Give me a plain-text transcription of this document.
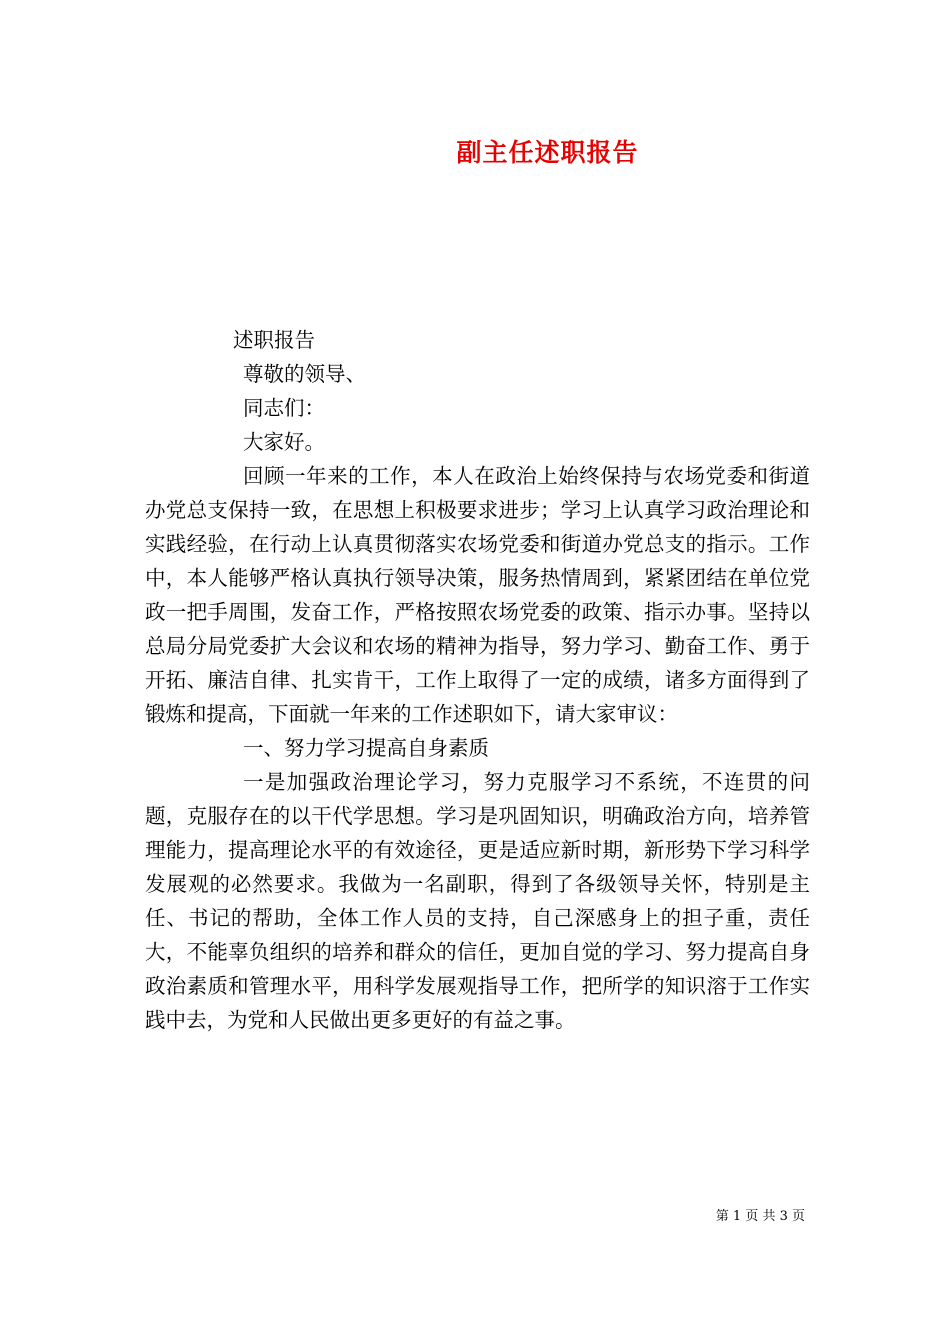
副主任述职报告

述职报告

尊敬的领导、

同志们：

大家好。

回顾一年来的工作，本人在政治上始终保持与农场党委和街道办党总支保持一致，在思想上积极要求进步；学习上认真学习政治理论和实践经验，在行动上认真贯彻落实农场党委和街道办党总支的指示。工作中，本人能够严格认真执行领导决策，服务热情周到，紧紧团结在单位党政一把手周围，发奋工作，严格按照农场党委的政策、指示办事。坚持以总局分局党委扩大会议和农场的精神为指导，努力学习、勤奋工作、勇于开拓、廉洁自律、扎实肯干，工作上取得了一定的成绩，诸多方面得到了锻炼和提高，下面就一年来的工作述职如下，请大家审议：

一、努力学习提高自身素质

一是加强政治理论学习，努力克服学习不系统，不连贯的问题，克服存在的以干代学思想。学习是巩固知识，明确政治方向，培养管理能力，提高理论水平的有效途径，更是适应新时期，新形势下学习科学发展观的必然要求。我做为一名副职，得到了各级领导关怀，特别是主任、书记的帮助，全体工作人员的支持，自己深感身上的担子重，责任大，不能辜负组织的培养和群众的信任，更加自觉的学习、努力提高自身政治素质和管理水平，用科学发展观指导工作，把所学的知识溶于工作实践中去，为党和人民做出更多更好的有益之事。

第 1 页 共 3 页
